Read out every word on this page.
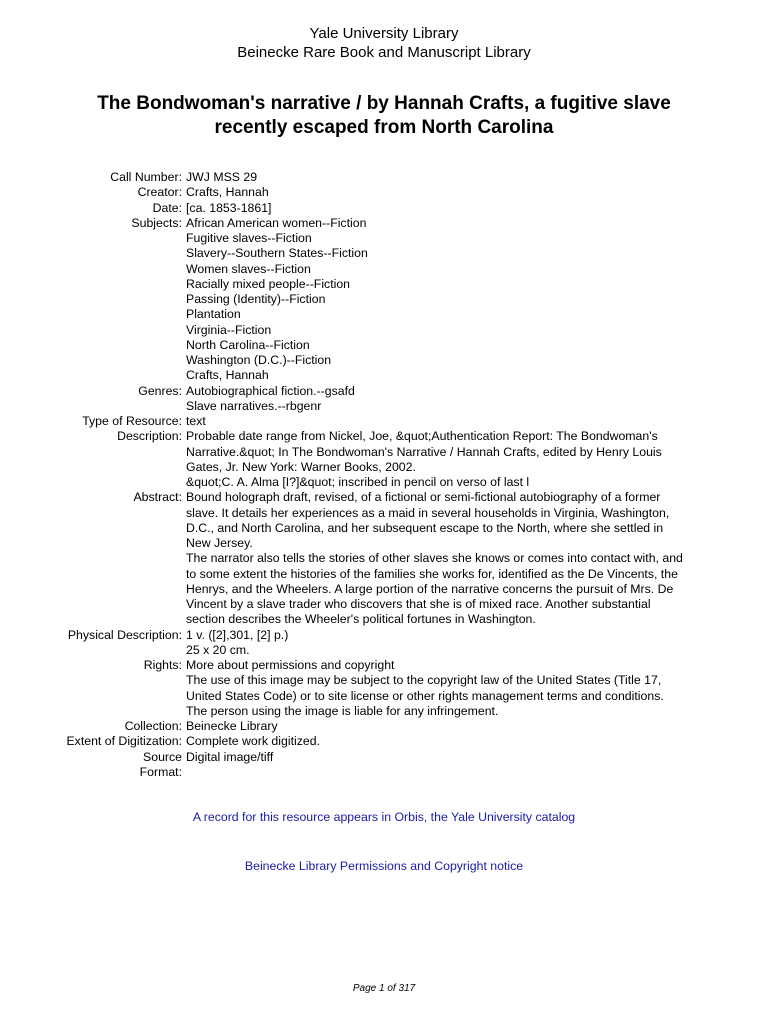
Yale University Library
Beinecke Rare Book and Manuscript Library
The Bondwoman's narrative / by Hannah Crafts, a fugitive slave
recently escaped from North Carolina
Call Number: JWJ MSS 29
Creator: Crafts, Hannah
Date: [ca. 1853-1861]
Subjects: African American women--Fiction
Fugitive slaves--Fiction
Slavery--Southern States--Fiction
Women slaves--Fiction
Racially mixed people--Fiction
Passing (Identity)--Fiction
Plantation
Virginia--Fiction
North Carolina--Fiction
Washington (D.C.)--Fiction
Crafts, Hannah
Genres: Autobiographical fiction.--gsafd
Slave narratives.--rbgenr
Type of Resource: text
Description: Probable date range from Nickel, Joe, &quot;Authentication Report: The Bondwoman's
Narrative.&quot; In The Bondwoman's Narrative / Hannah Crafts, edited by Henry Louis
Gates, Jr. New York: Warner Books, 2002.
&quot;C. A. Alma [I?]&quot; inscribed in pencil on verso of last l
Abstract: Bound holograph draft, revised, of a fictional or semi-fictional autobiography of a former
slave. It details her experiences as a maid in several households in Virginia, Washington,
D.C., and North Carolina, and her subsequent escape to the North, where she settled in
New Jersey.
The narrator also tells the stories of other slaves she knows or comes into contact with, and
to some extent the histories of the families she works for, identified as the De Vincents, the
Henrys, and the Wheelers. A large portion of the narrative concerns the pursuit of Mrs. De
Vincent by a slave trader who discovers that she is of mixed race. Another substantial
section describes the Wheeler's political fortunes in Washington.
Physical Description: 1 v. ([2],301, [2] p.)
25 x 20 cm.
Rights: More about permissions and copyright
The use of this image may be subject to the copyright law of the United States (Title 17,
United States Code) or to site license or other rights management terms and conditions.
The person using the image is liable for any infringement.
Collection: Beinecke Library
Extent of Digitization: Complete work digitized.
Source Digital image/tiff
Format:
A record for this resource appears in Orbis, the Yale University catalog
Beinecke Library Permissions and Copyright notice
Page 1 of 317
